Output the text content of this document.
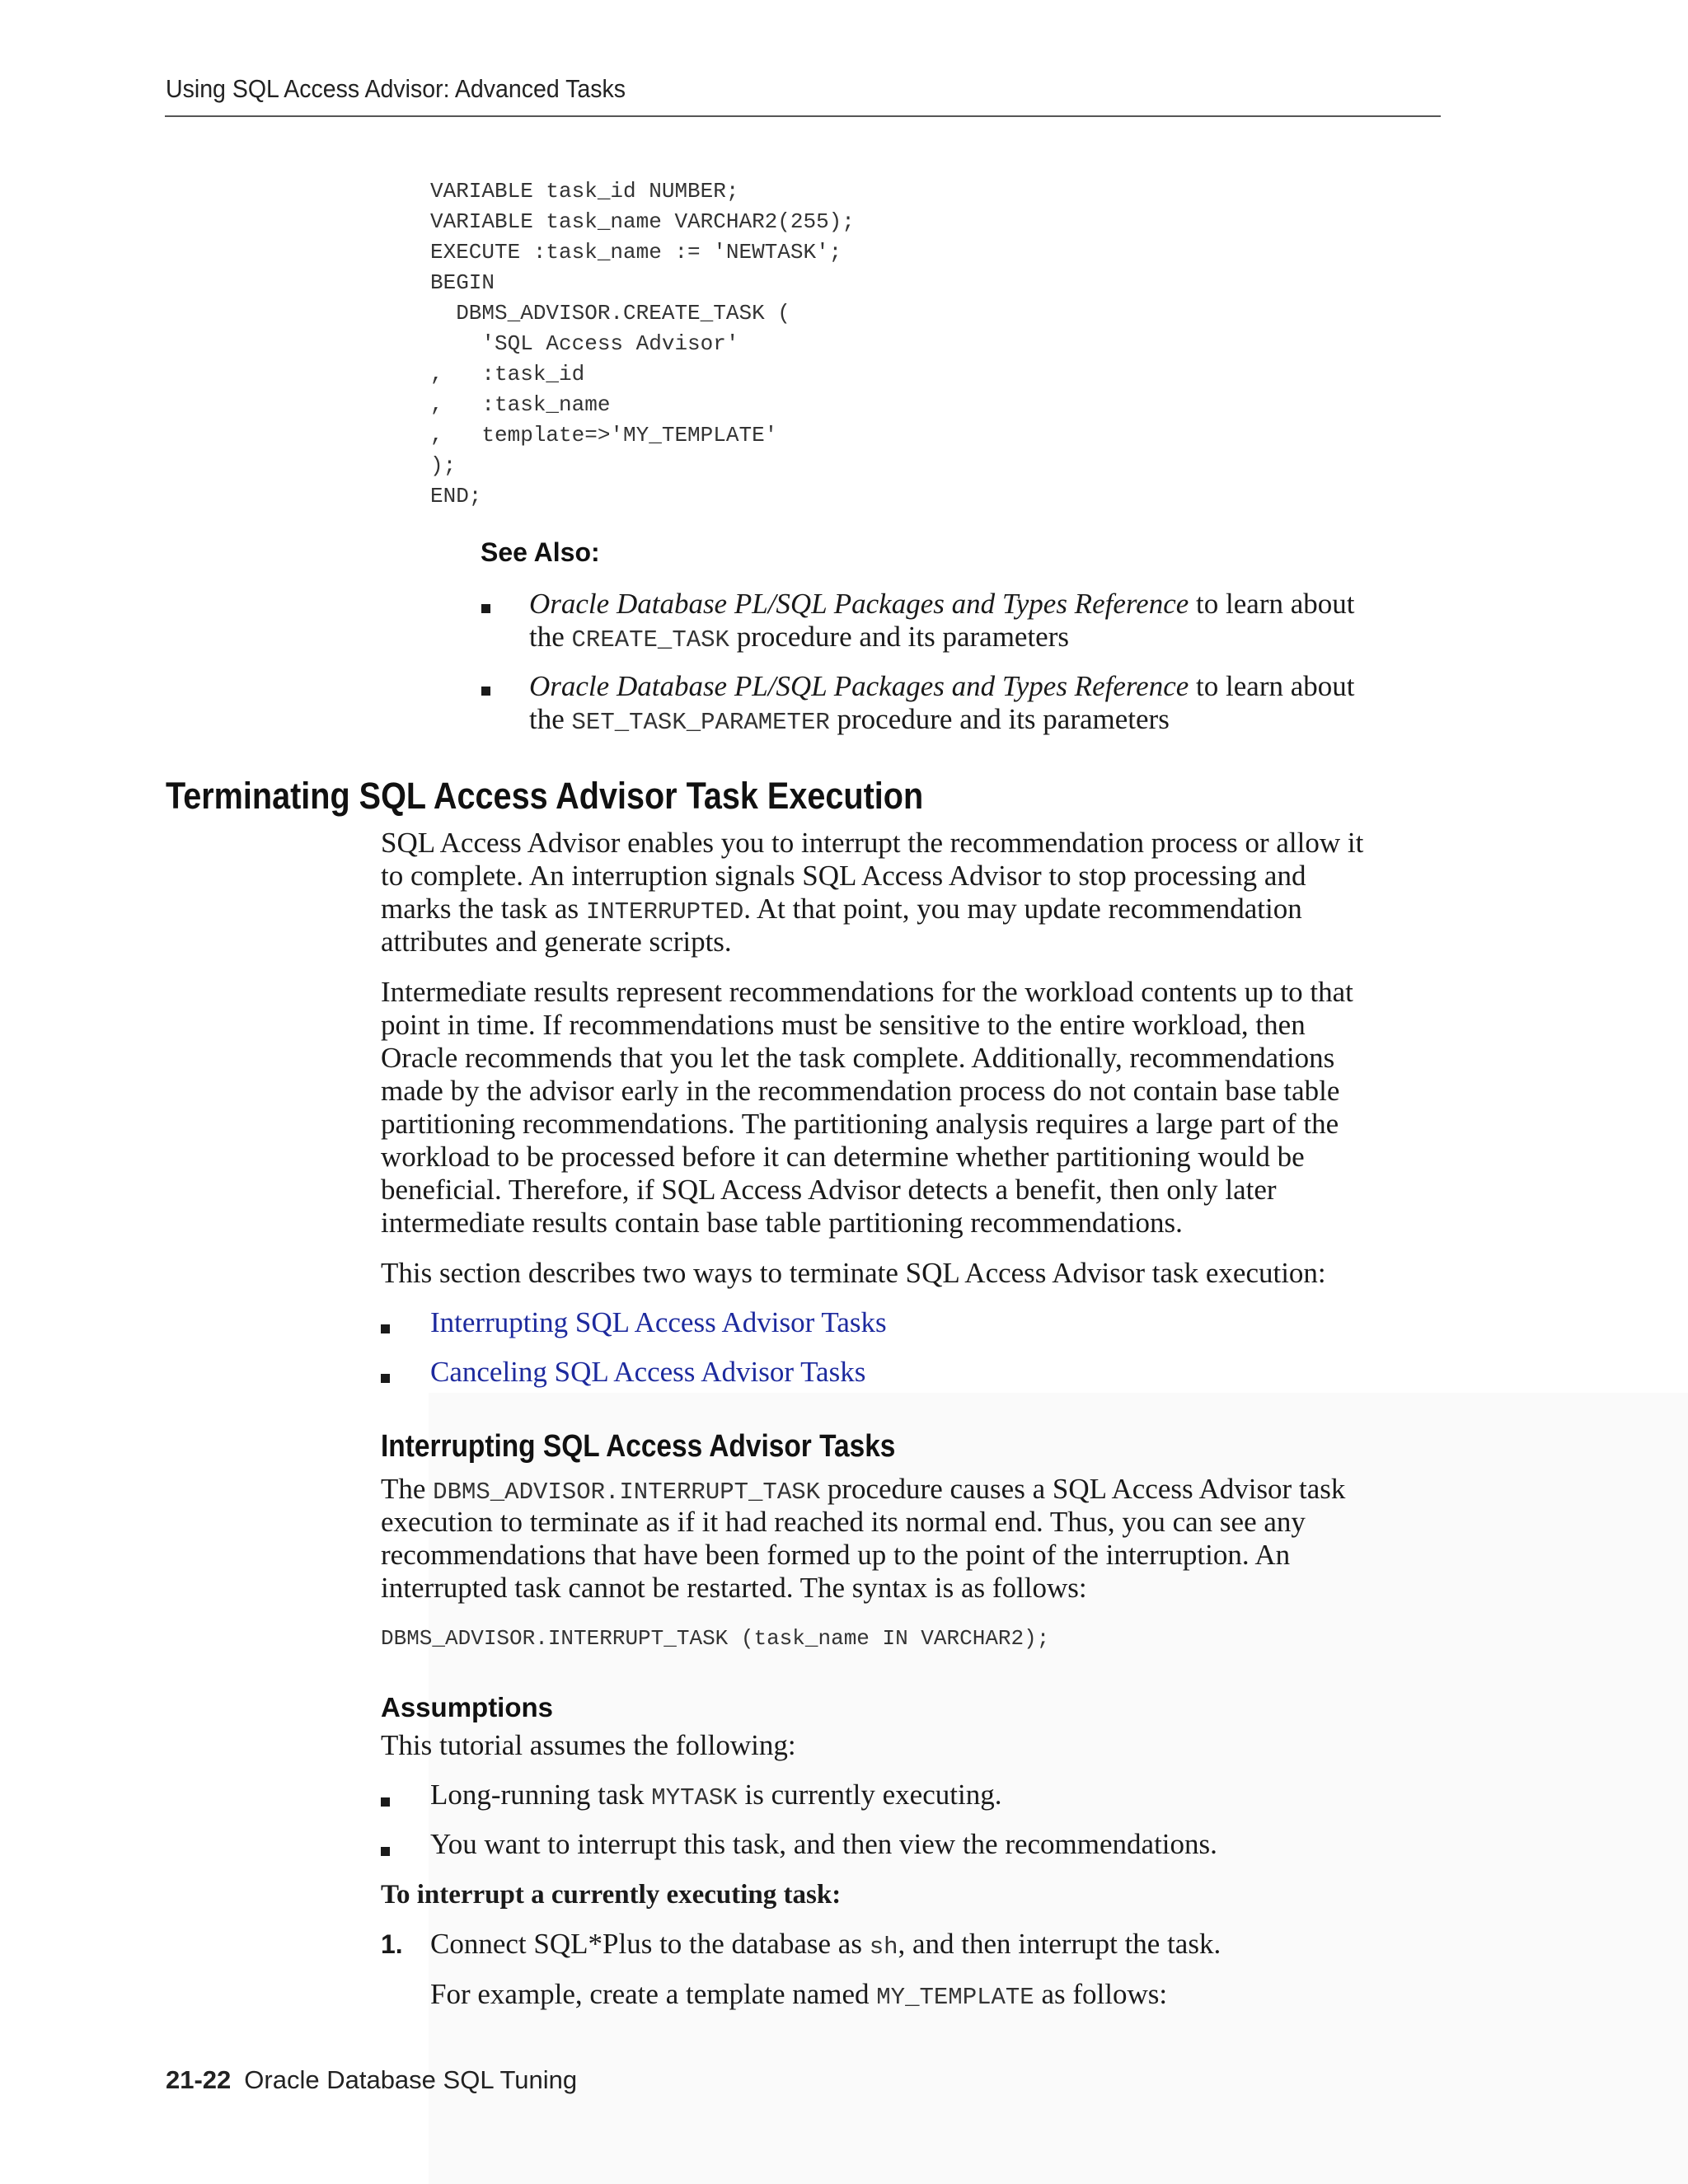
Using SQL Access Advisor: Advanced Tasks
VARIABLE task_id NUMBER;
VARIABLE task_name VARCHAR2(255);
EXECUTE :task_name := 'NEWTASK';
BEGIN
DBMS_ADVISOR.CREATE_TASK (
'SQL Access Advisor'
,   :task_id
,   :task_name
,   template=>'MY_TEMPLATE'
);
END;
See Also:

Oracle Database PL/SQL Packages and Types Reference to learn about

the CREATE_TASK procedure and its parameters

Oracle Database PL/SQL Packages and Types Reference to learn about

the SET_TASK_PARAMETER procedure and its parameters

Terminating SQL Access Advisor Task Execution

SQL Access Advisor enables you to interrupt the recommendation process or allow it

to complete. An interruption signals SQL Access Advisor to stop processing and

marks the task as INTERRUPTED. At that point, you may update recommendation

attributes and generate scripts.

Intermediate results represent recommendations for the workload contents up to that

point in time. If recommendations must be sensitive to the entire workload, then

Oracle recommends that you let the task complete. Additionally, recommendations

made by the advisor early in the recommendation process do not contain base table

partitioning recommendations. The partitioning analysis requires a large part of the

workload to be processed before it can determine whether partitioning would be

beneficial. Therefore, if SQL Access Advisor detects a benefit, then only later

intermediate results contain base table partitioning recommendations.

This section describes two ways to terminate SQL Access Advisor task execution:

Interrupting SQL Access Advisor Tasks

Canceling SQL Access Advisor Tasks

Interrupting SQL Access Advisor Tasks

The DBMS_ADVISOR.INTERRUPT_TASK procedure causes a SQL Access Advisor task

execution to terminate as if it had reached its normal end. Thus, you can see any

recommendations that have been formed up to the point of the interruption. An

interrupted task cannot be restarted. The syntax is as follows:

DBMS_ADVISOR.INTERRUPT_TASK (task_name IN VARCHAR2);
Assumptions

This tutorial assumes the following:

Long-running task MYTASK is currently executing.

You want to interrupt this task, and then view the recommendations.

To interrupt a currently executing task:

1. Connect SQL*Plus to the database as sh, and then interrupt the task.

For example, create a template named MY_TEMPLATE as follows:

21-22 Oracle Database SQL Tuning
